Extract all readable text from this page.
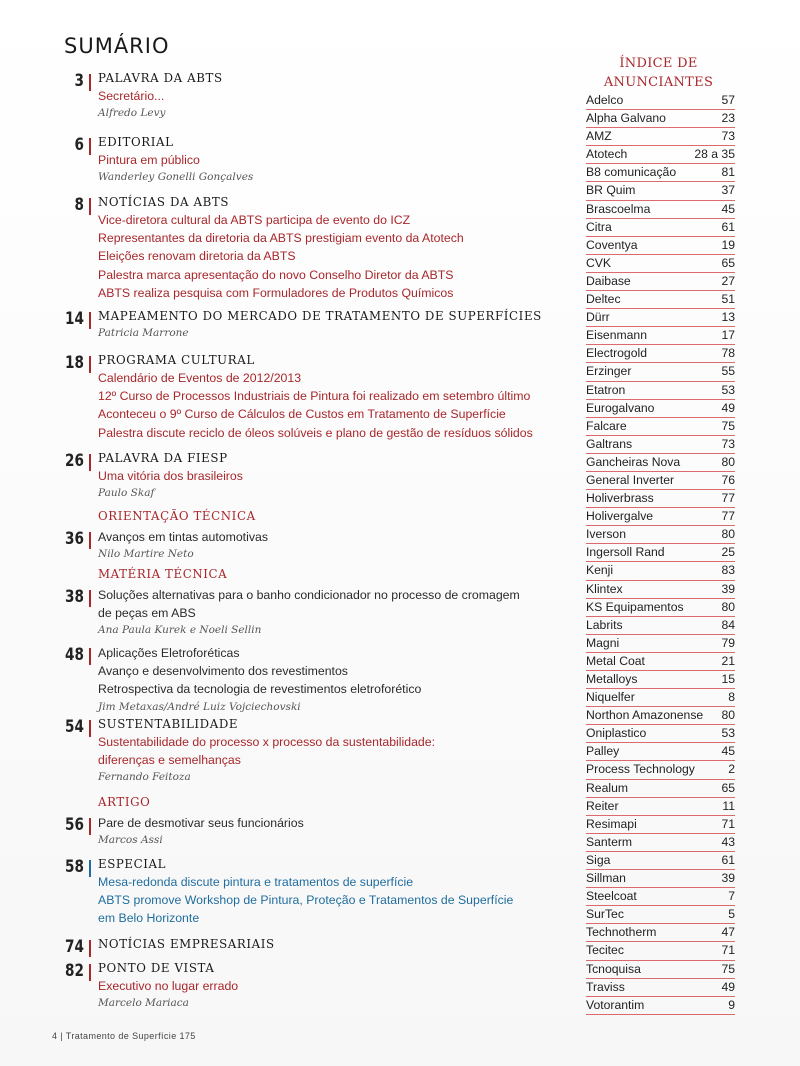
SUMÁRIO
3 PALAVRA DA ABTS
Secretário...
Alfredo Levy
6 EDITORIAL
Pintura em público
Wanderley Gonelli Gonçalves
8 NOTÍCIAS DA ABTS
Vice-diretora cultural da ABTS participa de evento do ICZ
Representantes da diretoria da ABTS prestigiam evento da Atotech
Eleições renovam diretoria da ABTS
Palestra marca apresentação do novo Conselho Diretor da ABTS
ABTS realiza pesquisa com Formuladores de Produtos Químicos
14 MAPEAMENTO DO MERCADO DE TRATAMENTO DE SUPERFÍCIES
Patricia Marrone
18 PROGRAMA CULTURAL
Calendário de Eventos de 2012/2013
12º Curso de Processos Industriais de Pintura foi realizado em setembro último
Aconteceu o 9º Curso de Cálculos de Custos em Tratamento de Superfície
Palestra discute reciclo de óleos solúveis e plano de gestão de resíduos sólidos
26 PALAVRA DA FIESP
Uma vitória dos brasileiros
Paulo Skaf
ORIENTAÇÃO TÉCNICA
36 Avanços em tintas automotivas
Nilo Martire Neto
MATÉRIA TÉCNICA
38 Soluções alternativas para o banho condicionador no processo de cromagem
de peças em ABS
Ana Paula Kurek e Noeli Sellin
48 Aplicações Eletroforéticas
Avanço e desenvolvimento dos revestimentos
Retrospectiva da tecnologia de revestimentos eletroforético
Jim Metaxas/André Luiz Vojciechovski
54 SUSTENTABILIDADE
Sustentabilidade do processo x processo da sustentabilidade:
diferenças e semelhanças
Fernando Feitoza
ARTIGO
56 Pare de desmotivar seus funcionários
Marcos Assi
58 ESPECIAL
Mesa-redonda discute pintura e tratamentos de superfície
ABTS promove Workshop de Pintura, Proteção e Tratamentos de Superfície
em Belo Horizonte
74 NOTÍCIAS EMPRESARIAIS
82 PONTO DE VISTA
Executivo no lugar errado
Marcelo Mariaca
ÍNDICE DE
ANUNCIANTES
Adelco	57
Alpha Galvano	23
AMZ	73
Atotech	28 a 35
B8 comunicação	81
BR Quim	37
Brascoelma	45
Citra	61
Coventya	19
CVK	65
Daibase	27
Deltec	51
Dürr	13
Eisenmann	17
Electrogold	78
Erzinger	55
Etatron	53
Eurogalvano	49
Falcare	75
Galtrans	73
Gancheiras Nova	80
General Inverter	76
Holiverbrass	77
Holivergalve	77
Iverson	80
Ingersoll Rand	25
Kenji	83
Klintex	39
KS Equipamentos	80
Labrits	84
Magni	79
Metal Coat	21
Metalloys	15
Niquelfer	8
Northon Amazonense 80
Oniplastico	53
Palley	45
Process Technology	2
Realum	65
Reiter	11
Resimapi	71
Santerm	43
Siga	61
Sillman	39
Steelcoat	7
SurTec	5
Technotherm	47
Tecitec	71
Tcnoquisa	75
Traviss	49
Votorantim	9
4 | Tratamento de Superfície 175
